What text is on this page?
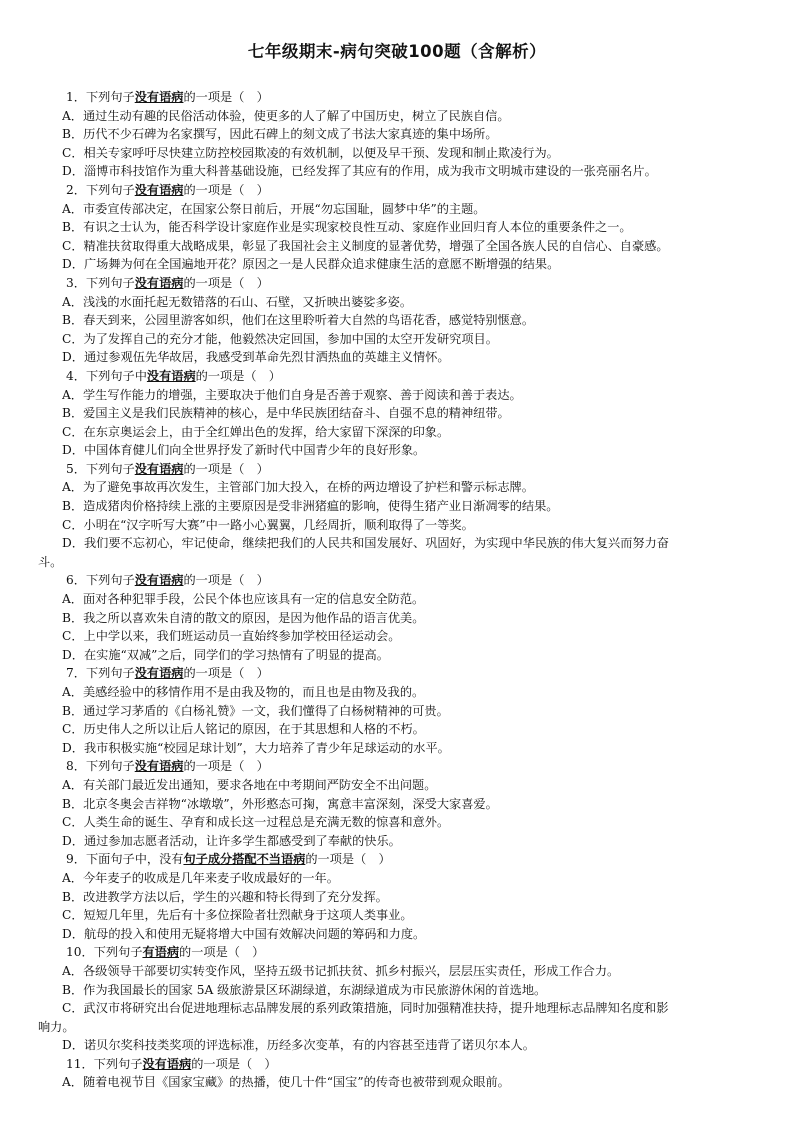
七年级期末-病句突破100题（含解析）
1．下列句子没有语病的一项是（　）
A．通过生动有趣的民俗活动体验，使更多的人了解了中国历史，树立了民族自信。
B．历代不少石碑为名家撰写，因此石碑上的刻文成了书法大家真迹的集中场所。
C．相关专家呼吁尽快建立防控校园欺凌的有效机制，以便及早干预、发现和制止欺凌行为。
D．淄博市科技馆作为重大科普基础设施，已经发挥了其应有的作用，成为我市文明城市建设的一张亮丽名片。
2．下列句子没有语病的一项是（　）
A．市委宣传部决定，在国家公祭日前后，开展“勿忘国耻，圆梦中华”的主题。
B．有识之士认为，能否科学设计家庭作业是实现家校良性互动、家庭作业回归育人本位的重要条件之一。
C．精准扶贫取得重大战略成果，彰显了我国社会主义制度的显著优势，增强了全国各族人民的自信心、自豪感。
D．广场舞为何在全国遍地开花？原因之一是人民群众追求健康生活的意愿不断增强的结果。
3．下列句子没有语病的一项是（　）
A．浅浅的水面托起无数错落的石山、石壁，又折映出婆娑多姿。
B．春天到来，公园里游客如织，他们在这里聆听着大自然的鸟语花香，感觉特别惬意。
C．为了发挥自己的充分才能，他毅然决定回国，参加中国的太空开发研究项目。
D．通过参观伍先华故居，我感受到革命先烈甘洒热血的英雄主义情怀。
4．下列句子中没有语病的一项是（　）
A．学生写作能力的增强，主要取决于他们自身是否善于观察、善于阅读和善于表达。
B．爱国主义是我们民族精神的核心，是中华民族团结奋斗、自强不息的精神纽带。
C．在东京奥运会上，由于全红婵出色的发挥，给大家留下深深的印象。
D．中国体育健儿们向全世界抒发了新时代中国青少年的良好形象。
5．下列句子没有语病的一项是（　）
A．为了避免事故再次发生，主管部门加大投入，在桥的两边增设了护栏和警示标志牌。
B．造成猪肉价格持续上涨的主要原因是受非洲猪瘟的影响，使得生猪产业日渐凋零的结果。
C．小明在“汉字听写大赛”中一路小心翼翼，几经周折，顺利取得了一等奖。
D．我们要不忘初心，牢记使命，继续把我们的人民共和国发展好、巩固好，为实现中华民族的伟大复兴而努力奋
斗。
6．下列句子没有语病的一项是（　）
A．面对各种犯罪手段，公民个体也应该具有一定的信息安全防范。
B．我之所以喜欢朱自清的散文的原因，是因为他作品的语言优美。
C．上中学以来，我们班运动员一直始终参加学校田径运动会。
D．在实施“双减”之后，同学们的学习热情有了明显的提高。
7．下列句子没有语病的一项是（　）
A．美感经验中的移情作用不是由我及物的，而且也是由物及我的。
B．通过学习茅盾的《白杨礼赞》一文，我们懂得了白杨树精神的可贵。
C．历史伟人之所以让后人铭记的原因，在于其思想和人格的不朽。
D．我市积极实施“校园足球计划”，大力培养了青少年足球运动的水平。
8．下列句子没有语病的一项是（　）
A．有关部门最近发出通知，要求各地在中考期间严防安全不出问题。
B．北京冬奥会吉祥物“冰墩墩”，外形憨态可掬，寓意丰富深刻，深受大家喜爱。
C．人类生命的诞生、孕育和成长这一过程总是充满无数的惊喜和意外。
D．通过参加志愿者活动，让许多学生都感受到了奉献的快乐。
9．下面句子中，没有句子成分搭配不当语病的一项是（　）
A．今年麦子的收成是几年来麦子收成最好的一年。
B．改进教学方法以后，学生的兴趣和特长得到了充分发挥。
C．短短几年里，先后有十多位探险者壮烈献身于这项人类事业。
D．航母的投入和使用无疑将增大中国有效解决问题的筹码和力度。
10．下列句子有语病的一项是（　）
A．各级领导干部要切实转变作风，坚持五级书记抓扶贫、抓乡村振兴，层层压实责任，形成工作合力。
B．作为我国最长的国家 5A 级旅游景区环湖绿道，东湖绿道成为市民旅游休闲的首选地。
C．武汉市将研究出台促进地理标志品牌发展的系列政策措施，同时加强精准扶持，提升地理标志品牌知名度和影
响力。
D．诺贝尔奖科技类奖项的评选标准，历经多次变革，有的内容甚至违背了诺贝尔本人。
11．下列句子没有语病的一项是（　）
A．随着电视节目《国家宝藏》的热播，使几十件“国宝”的传奇也被带到观众眼前。
